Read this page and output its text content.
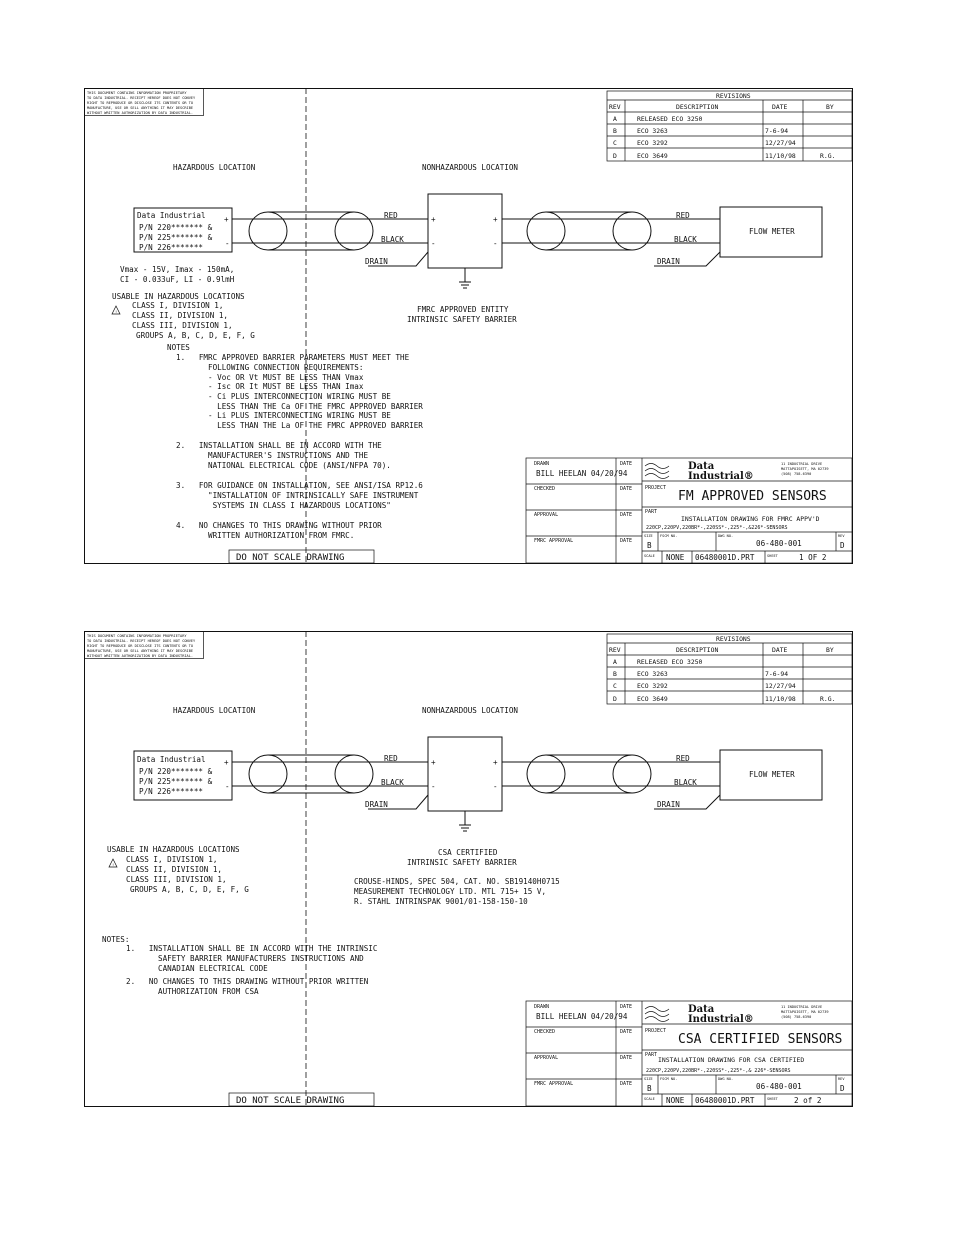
THIS DOCUMENT CONTAINS INFORMATION PROPRIETARY
TO DATA INDUSTRIAL. RECEIPT HEREOF DOES NOT CONVEY
RIGHT TO REPRODUCE OR DISCLOSE ITS CONTENTS OR TO
MANUFACTURE, USE OR SELL ANYTHING IT MAY DESCRIBE
WITHOUT WRITTEN AUTHORIZATION BY DATA INDUSTRIAL.
REVISIONS
REV	DESCRIPTION	DATE	BY
A	RELEASED ECO 3250
B	ECO 3263	7-6-94
C	ECO 3292	12/27/94
D	ECO 3649	11/10/98	R.G.
HAZARDOUS LOCATION	NONHAZARDOUS LOCATION
Data Industrial
P/N 220******* &
P/N 225******* &
P/N 226*******
+
-
RED
BLACK
DRAIN
+
-
+
-
RED
BLACK
DRAIN
FLOW METER
Vmax - 15V, Imax - 150mA,
CI - 0.033uF, LI - 0.9lmH
USABLE IN HAZARDOUS LOCATIONS
!
CLASS I, DIVISION 1,
CLASS II, DIVISION 1,
CLASS III, DIVISION 1,
GROUPS A, B, C, D, E, F, G
FMRC APPROVED ENTITY
INTRINSIC SAFETY BARRIER
NOTES
1.   FMRC APPROVED BARRIER PARAMETERS MUST MEET THE
FOLLOWING CONNECTION REQUIREMENTS:
- Voc OR Vt MUST BE LESS THAN Vmax
- Isc OR It MUST BE LESS THAN Imax
- Ci PLUS INTERCONNECTION WIRING MUST BE
LESS THAN THE Ca OF THE FMRC APPROVED BARRIER
- Li PLUS INTERCONNECTING WIRING MUST BE
LESS THAN THE La OF THE FMRC APPROVED BARRIER
2.   INSTALLATION SHALL BE IN ACCORD WITH THE
MANUFACTURER'S INSTRUCTIONS AND THE
NATIONAL ELECTRICAL CODE (ANSI/NFPA 70).
3.   FOR GUIDANCE ON INSTALLATION, SEE ANSI/ISA RP12.6
"INSTALLATION OF INTRINSICALLY SAFE INSTRUMENT
SYSTEMS IN CLASS I HAZARDOUS LOCATIONS"
4.   NO CHANGES TO THIS DRAWING WITHOUT PRIOR
WRITTEN AUTHORIZATION FROM FMRC.
DO NOT SCALE DRAWING
DRAWN	DATE
BILL HEELAN 04/20/94
CHECKED	DATE
APPROVAL	DATE
FMRC APPROVAL	DATE
Data
Industrial®
11 INDUSTRIAL DRIVE
MATTAPOISETT, MA 02739
(508) 758-6390
PROJECT
FM APPROVED SENSORS
PART
INSTALLATION DRAWING FOR FMRC APPV'D
220CP,220PV,220BR*-,220SS*-,225*-,&226*-SENSORS
SIZE
B
FSCM NO.	DWG NO.
06-480-001
REV
D
SCALE NONE 06480001D.PRT	SHEET	1 OF 2
THIS DOCUMENT CONTAINS INFORMATION PROPRIETARY
TO DATA INDUSTRIAL. RECEIPT HEREOF DOES NOT CONVEY
RIGHT TO REPRODUCE OR DISCLOSE ITS CONTENTS OR TO
MANUFACTURE, USE OR SELL ANYTHING IT MAY DESCRIBE
WITHOUT WRITTEN AUTHORIZATION BY DATA INDUSTRIAL.
REVISIONS
REV	DESCRIPTION	DATE	BY
A	RELEASED ECO 3250
B	ECO 3263	7-6-94
C	ECO 3292	12/27/94
D	ECO 3649	11/10/98	R.G.
HAZARDOUS LOCATION	NONHAZARDOUS LOCATION
Data Industrial
P/N 220******* &
P/N 225******* &
P/N 226*******
+
-
RED
BLACK
DRAIN
+
-
+
-
RED
BLACK
DRAIN
FLOW METER
USABLE IN HAZARDOUS LOCATIONS
!
CLASS I, DIVISION 1,
CLASS II, DIVISION 1,
CLASS III, DIVISION 1,
GROUPS A, B, C, D, E, F, G
CSA CERTIFIED
INTRINSIC SAFETY BARRIER
CROUSE-HINDS, SPEC 504, CAT. NO. SB19140H0715
MEASUREMENT TECHNOLOGY LTD. MTL 715+ 15 V,
R. STAHL INTRINSPAK 9001/01-158-150-10
NOTES:
1.   INSTALLATION SHALL BE IN ACCORD WITH THE INTRINSIC
SAFETY BARRIER MANUFACTURERS INSTRUCTIONS AND
CANADIAN ELECTRICAL CODE
2.   NO CHANGES TO THIS DRAWING WITHOUT PRIOR WRITTEN
AUTHORIZATION FROM CSA
DO NOT SCALE DRAWING
DRAWN	DATE
BILL HEELAN 04/20/94
CHECKED	DATE
APPROVAL	DATE
FMRC APPROVAL	DATE
Data
Industrial®
11 INDUSTRIAL DRIVE
MATTAPOISETT, MA 02739
(508) 758-6390
PROJECT
CSA CERTIFIED SENSORS
PART
INSTALLATION DRAWING FOR CSA CERTIFIED
220CP,220PV,220BR*-,220SS*-,225*-,& 226*-SENSORS
SIZE
B
FSCM NO.	DWG NO.
06-480-001
REV
D
SCALE NONE 06480001D.PRT	SHEET 2 of 2
